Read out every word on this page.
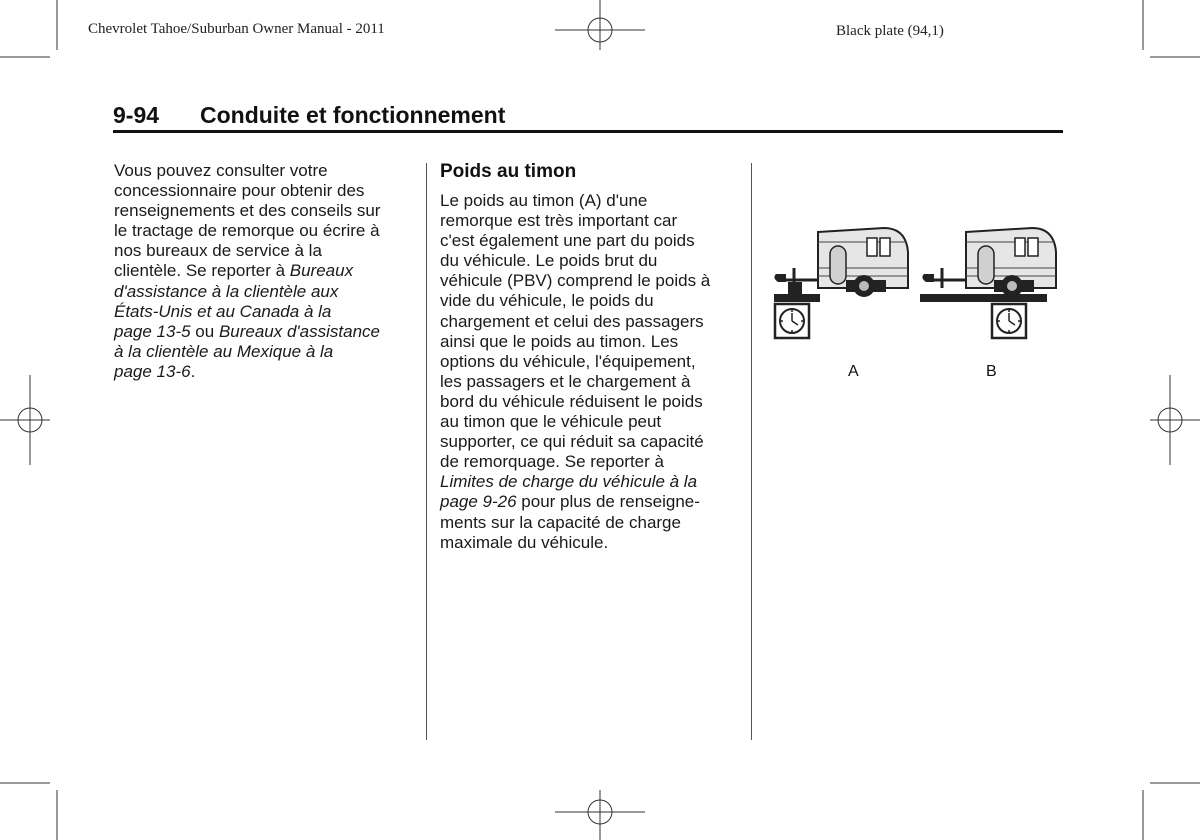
Chevrolet Tahoe/Suburban Owner Manual - 2011	Black plate (94,1)
9-94 Conduite et fonctionnement
Vous pouvez consulter votre
concessionnaire pour obtenir des
renseignements et des conseils sur
le tractage de remorque ou écrire à
nos bureaux de service à la
clientèle. Se reporter à Bureaux
d'assistance à la clientèle aux
États-Unis et au Canada à la
page 13-5 ou Bureaux d'assistance
à la clientèle au Mexique à la
page 13-6.
Poids au timon
Le poids au timon (A) d'une
remorque est très important car
c'est également une part du poids
du véhicule. Le poids brut du
véhicule (PBV) comprend le poids à
vide du véhicule, le poids du
chargement et celui des passagers
ainsi que le poids au timon. Les
options du véhicule, l'équipement,
les passagers et le chargement à
bord du véhicule réduisent le poids
au timon que le véhicule peut
supporter, ce qui réduit sa capacité
de remorquage. Se reporter à
Limites de charge du véhicule à la
page 9-26 pour plus de renseigne-
ments sur la capacité de charge
maximale du véhicule.
A	B
